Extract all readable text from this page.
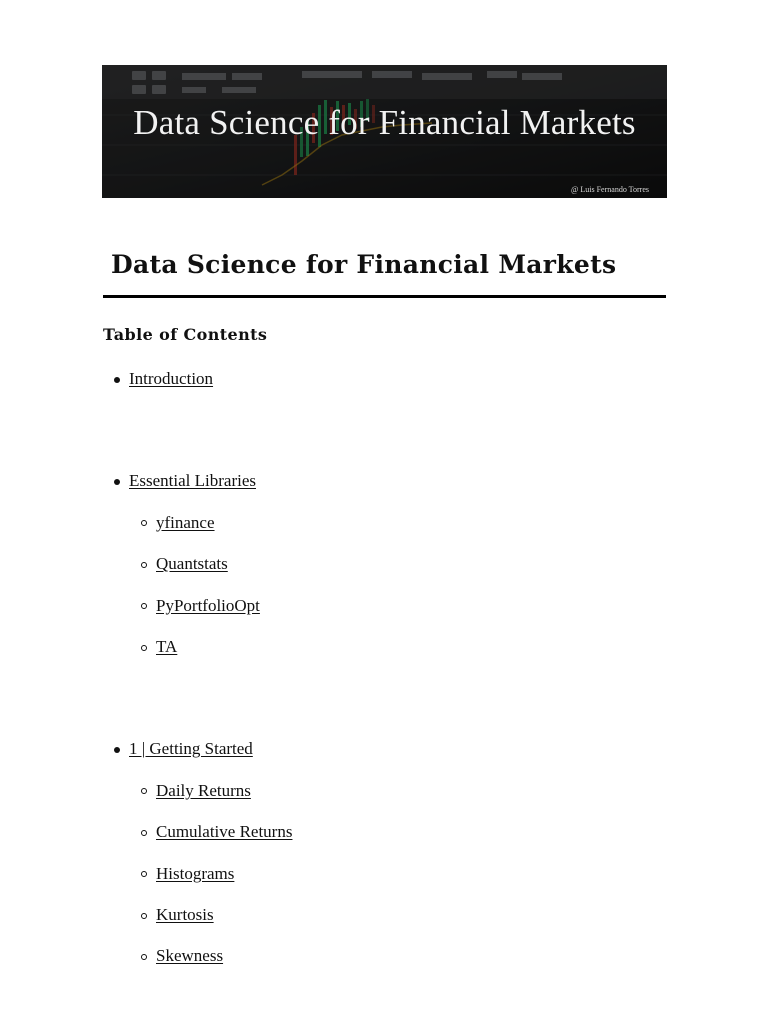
Data Science for Financial Markets
@ Luis Fernando Torres
Data Science for Financial Markets
Table of Contents
Introduction
Essential Libraries
yfinance
Quantstats
PyPortfolioOpt
TA
1 | Getting Started
Daily Returns
Cumulative Returns
Histograms
Kurtosis
Skewness
